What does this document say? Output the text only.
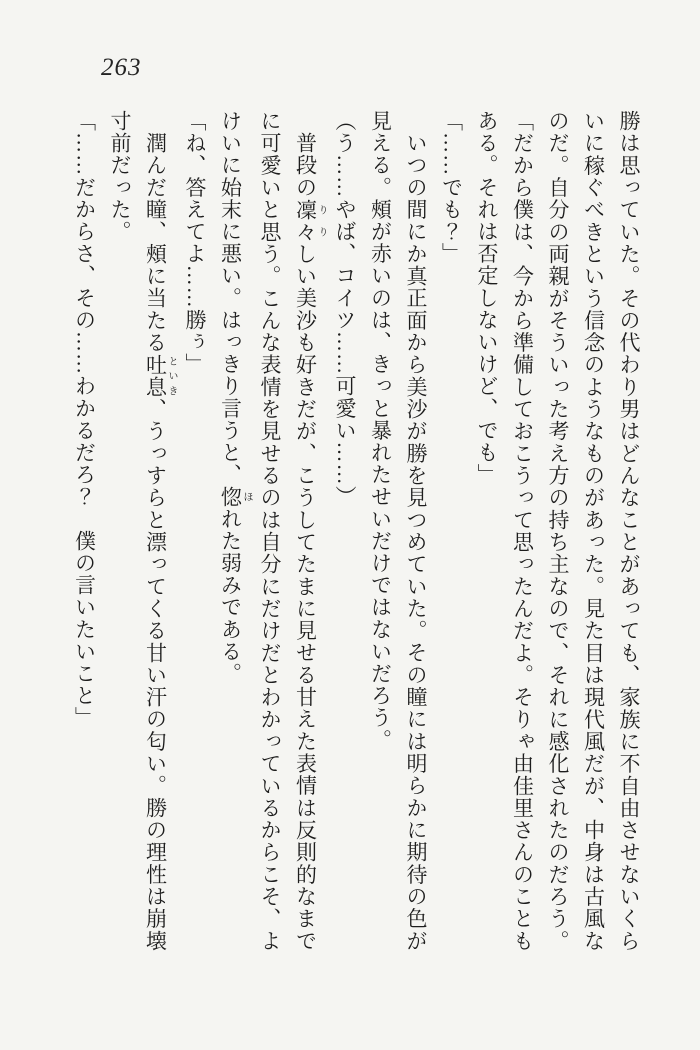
263
勝は思っていた。その代わり男はどんなことがあっても、家族に不自由させないくら
いに稼ぐべきという信念のようなものがあった。見た目は現代風だが、中身は古風な
のだ。自分の両親がそういった考え方の持ち主なので、それに感化されたのだろう。
「だから僕は、今から準備しておこうって思ったんだよ。そりゃ由佳里さんのことも
ある。それは否定しないけど、でも」
「……でも？」
いつの間にか真正面から美沙が勝を見つめていた。その瞳には明らかに期待の色が
見える。頰が赤いのは、きっと暴れたせいだけではないだろう。
（う……やば、コイツ……可愛い……）
普段の凜々りりしい美沙も好きだが、こうしてたまに見せる甘えた表情は反則的なまで
に可愛いと思う。こんな表情を見せるのは自分にだけだとわかっているからこそ、よ
けいに始末に悪い。はっきり言うと、惚ほれた弱みである。
「ね、答えてよ……勝ぅ」
潤んだ瞳、頰に当たる吐息といき、うっすらと漂ってくる甘い汗の匂い。勝の理性は崩壊
寸前だった。
「……だからさ、その……わかるだろ？　僕の言いたいこと」
